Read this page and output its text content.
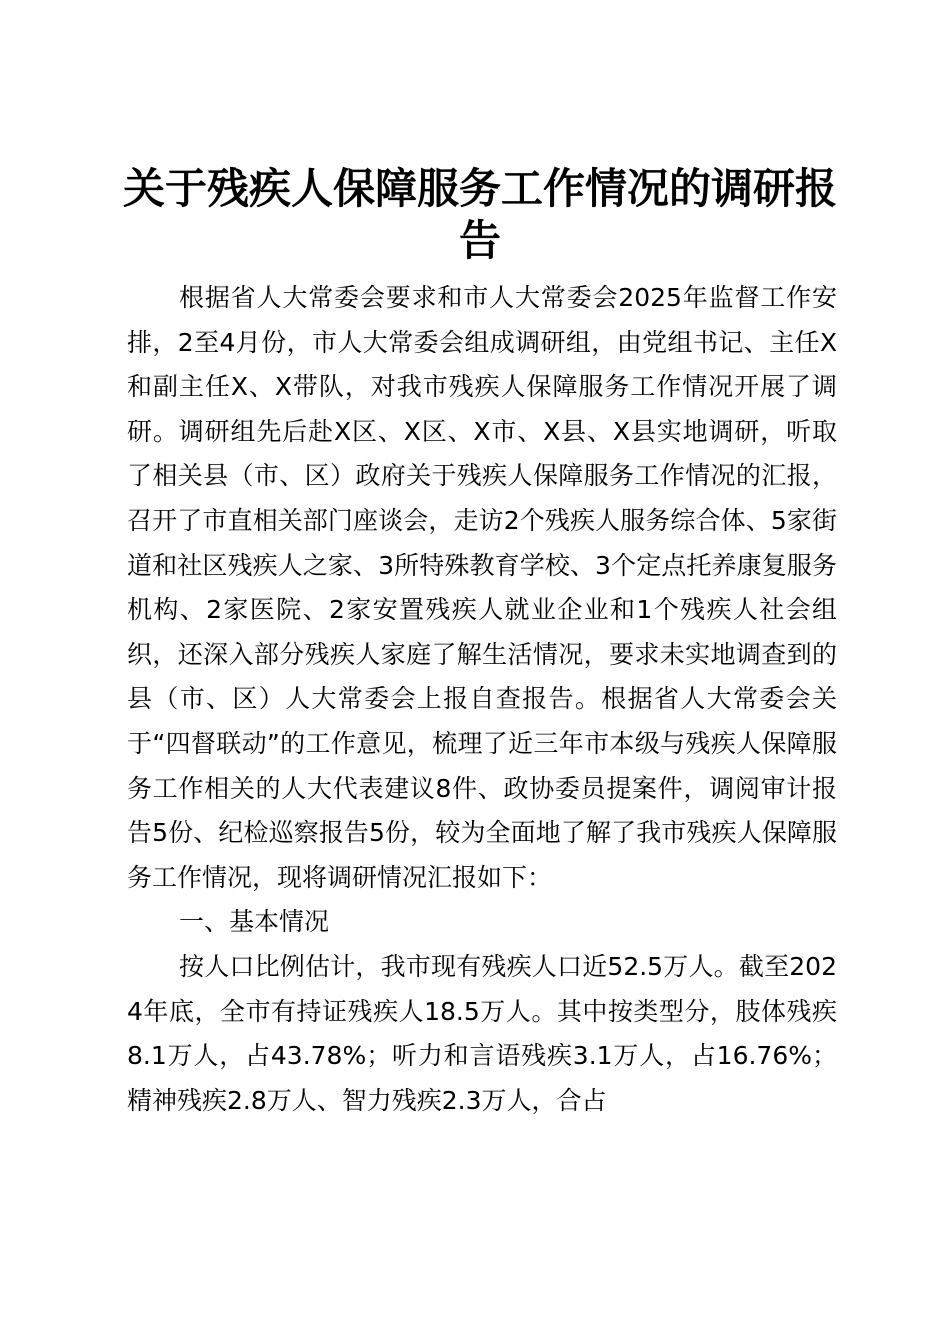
关于残疾人保障服务工作情况的调研报告

根据省人大常委会要求和市人大常委会2025年监督工作安排，2至4月份，市人大常委会组成调研组，由党组书记、主任X和副主任X、X带队，对我市残疾人保障服务工作情况开展了调研。调研组先后赴X区、X区、X市、X县、X县实地调研，听取了相关县（市、区）政府关于残疾人保障服务工作情况的汇报，召开了市直相关部门座谈会，走访2个残疾人服务综合体、5家街道和社区残疾人之家、3所特殊教育学校、3个定点托养康复服务机构、2家医院、2家安置残疾人就业企业和1个残疾人社会组织，还深入部分残疾人家庭了解生活情况，要求未实地调查到的县（市、区）人大常委会上报自查报告。根据省人大常委会关于“四督联动”的工作意见，梳理了近三年市本级与残疾人保障服务工作相关的人大代表建议8件、政协委员提案件，调阅审计报告5份、纪检巡察报告5份，较为全面地了解了我市残疾人保障服务工作情况，现将调研情况汇报如下：

一、基本情况

按人口比例估计，我市现有残疾人口近52.5万人。截至2024年底，全市有持证残疾人18.5万人。其中按类型分，肢体残疾8.1万人，占43.78%；听力和言语残疾3.1万人，占16.76%；精神残疾2.8万人、智力残疾2.3万人，合占
